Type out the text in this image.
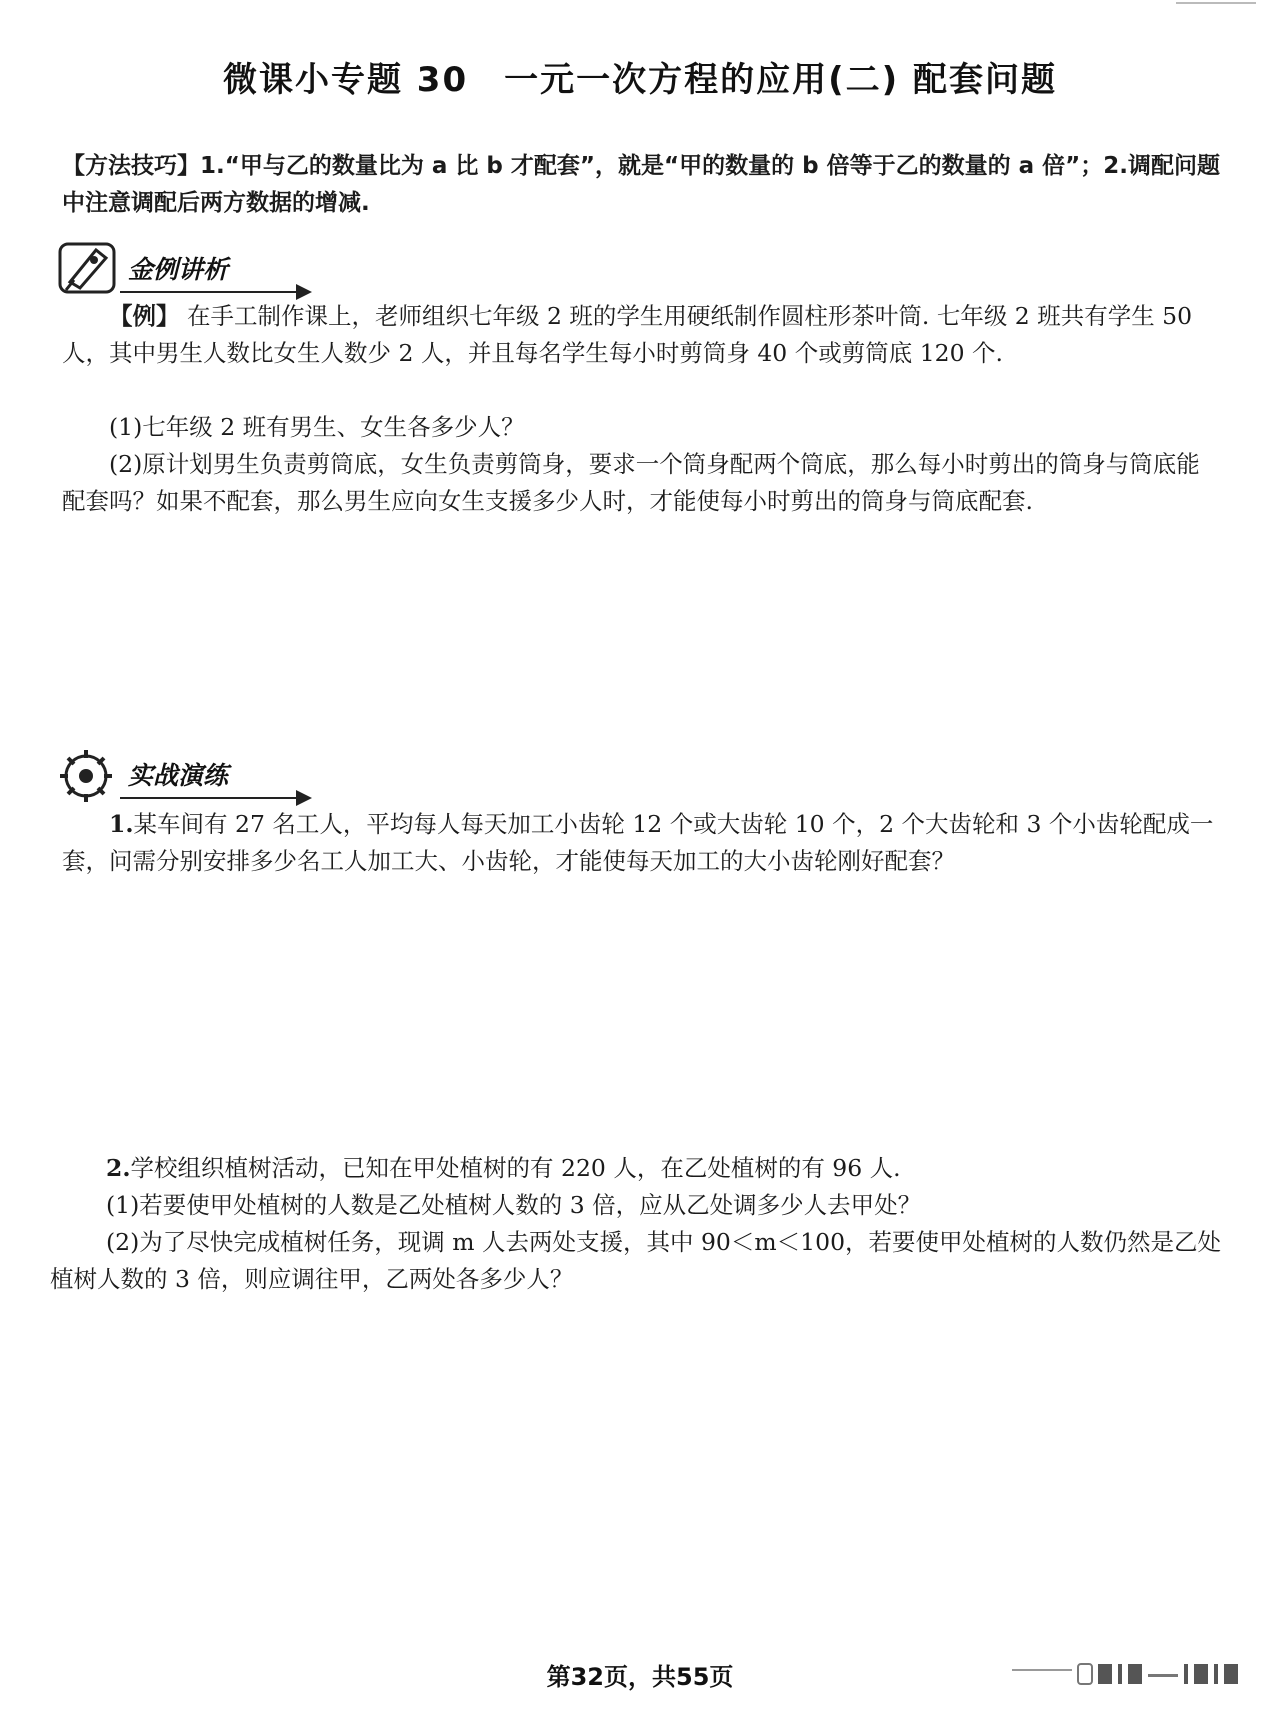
微课小专题 30 一元一次方程的应用(二) 配套问题

【方法技巧】1.“甲与乙的数量比为 a 比 b 才配套”，就是“甲的数量的 b 倍等于乙的数量的 a 倍”；2.调配问题中注意调配后两方数据的增减.

金例讲析

【例】 在手工制作课上，老师组织七年级 2 班的学生用硬纸制作圆柱形茶叶筒. 七年级 2 班共有学生 50 人，其中男生人数比女生人数少 2 人，并且每名学生每小时剪筒身 40 个或剪筒底 120 个.

(1)七年级 2 班有男生、女生各多少人？

(2)原计划男生负责剪筒底，女生负责剪筒身，要求一个筒身配两个筒底，那么每小时剪出的筒身与筒底能配套吗？如果不配套，那么男生应向女生支援多少人时，才能使每小时剪出的筒身与筒底配套.

实战演练

1.某车间有 27 名工人，平均每人每天加工小齿轮 12 个或大齿轮 10 个，2 个大齿轮和 3 个小齿轮配成一套，问需分别安排多少名工人加工大、小齿轮，才能使每天加工的大小齿轮刚好配套？

2.学校组织植树活动，已知在甲处植树的有 220 人，在乙处植树的有 96 人.

(1)若要使甲处植树的人数是乙处植树人数的 3 倍，应从乙处调多少人去甲处？

(2)为了尽快完成植树任务，现调 m 人去两处支援，其中 90＜m＜100，若要使甲处植树的人数仍然是乙处植树人数的 3 倍，则应调往甲，乙两处各多少人？

第32页，共55页
